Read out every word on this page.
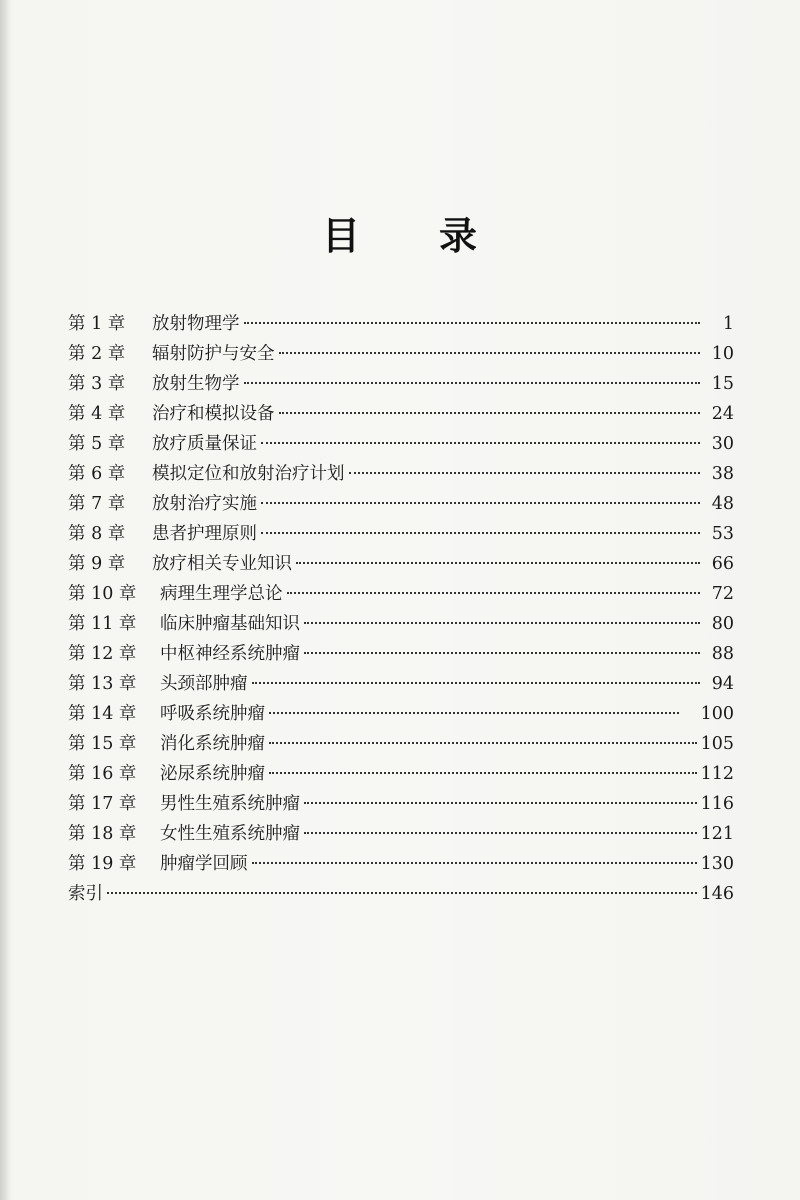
目 录
第 1 章	放射物理学	1
第 2 章	辐射防护与安全	10
第 3 章	放射生物学	15
第 4 章	治疗和模拟设备	24
第 5 章	放疗质量保证	30
第 6 章	模拟定位和放射治疗计划	38
第 7 章	放射治疗实施	48
第 8 章	患者护理原则	53
第 9 章	放疗相关专业知识	66
第 10 章	病理生理学总论	72
第 11 章	临床肿瘤基础知识	80
第 12 章	中枢神经系统肿瘤	88
第 13 章	头颈部肿瘤	94
第 14 章	呼吸系统肿瘤	100
第 15 章	消化系统肿瘤	105
第 16 章	泌尿系统肿瘤	112
第 17 章	男性生殖系统肿瘤	116
第 18 章	女性生殖系统肿瘤	121
第 19 章	肿瘤学回顾	130
索引	146
